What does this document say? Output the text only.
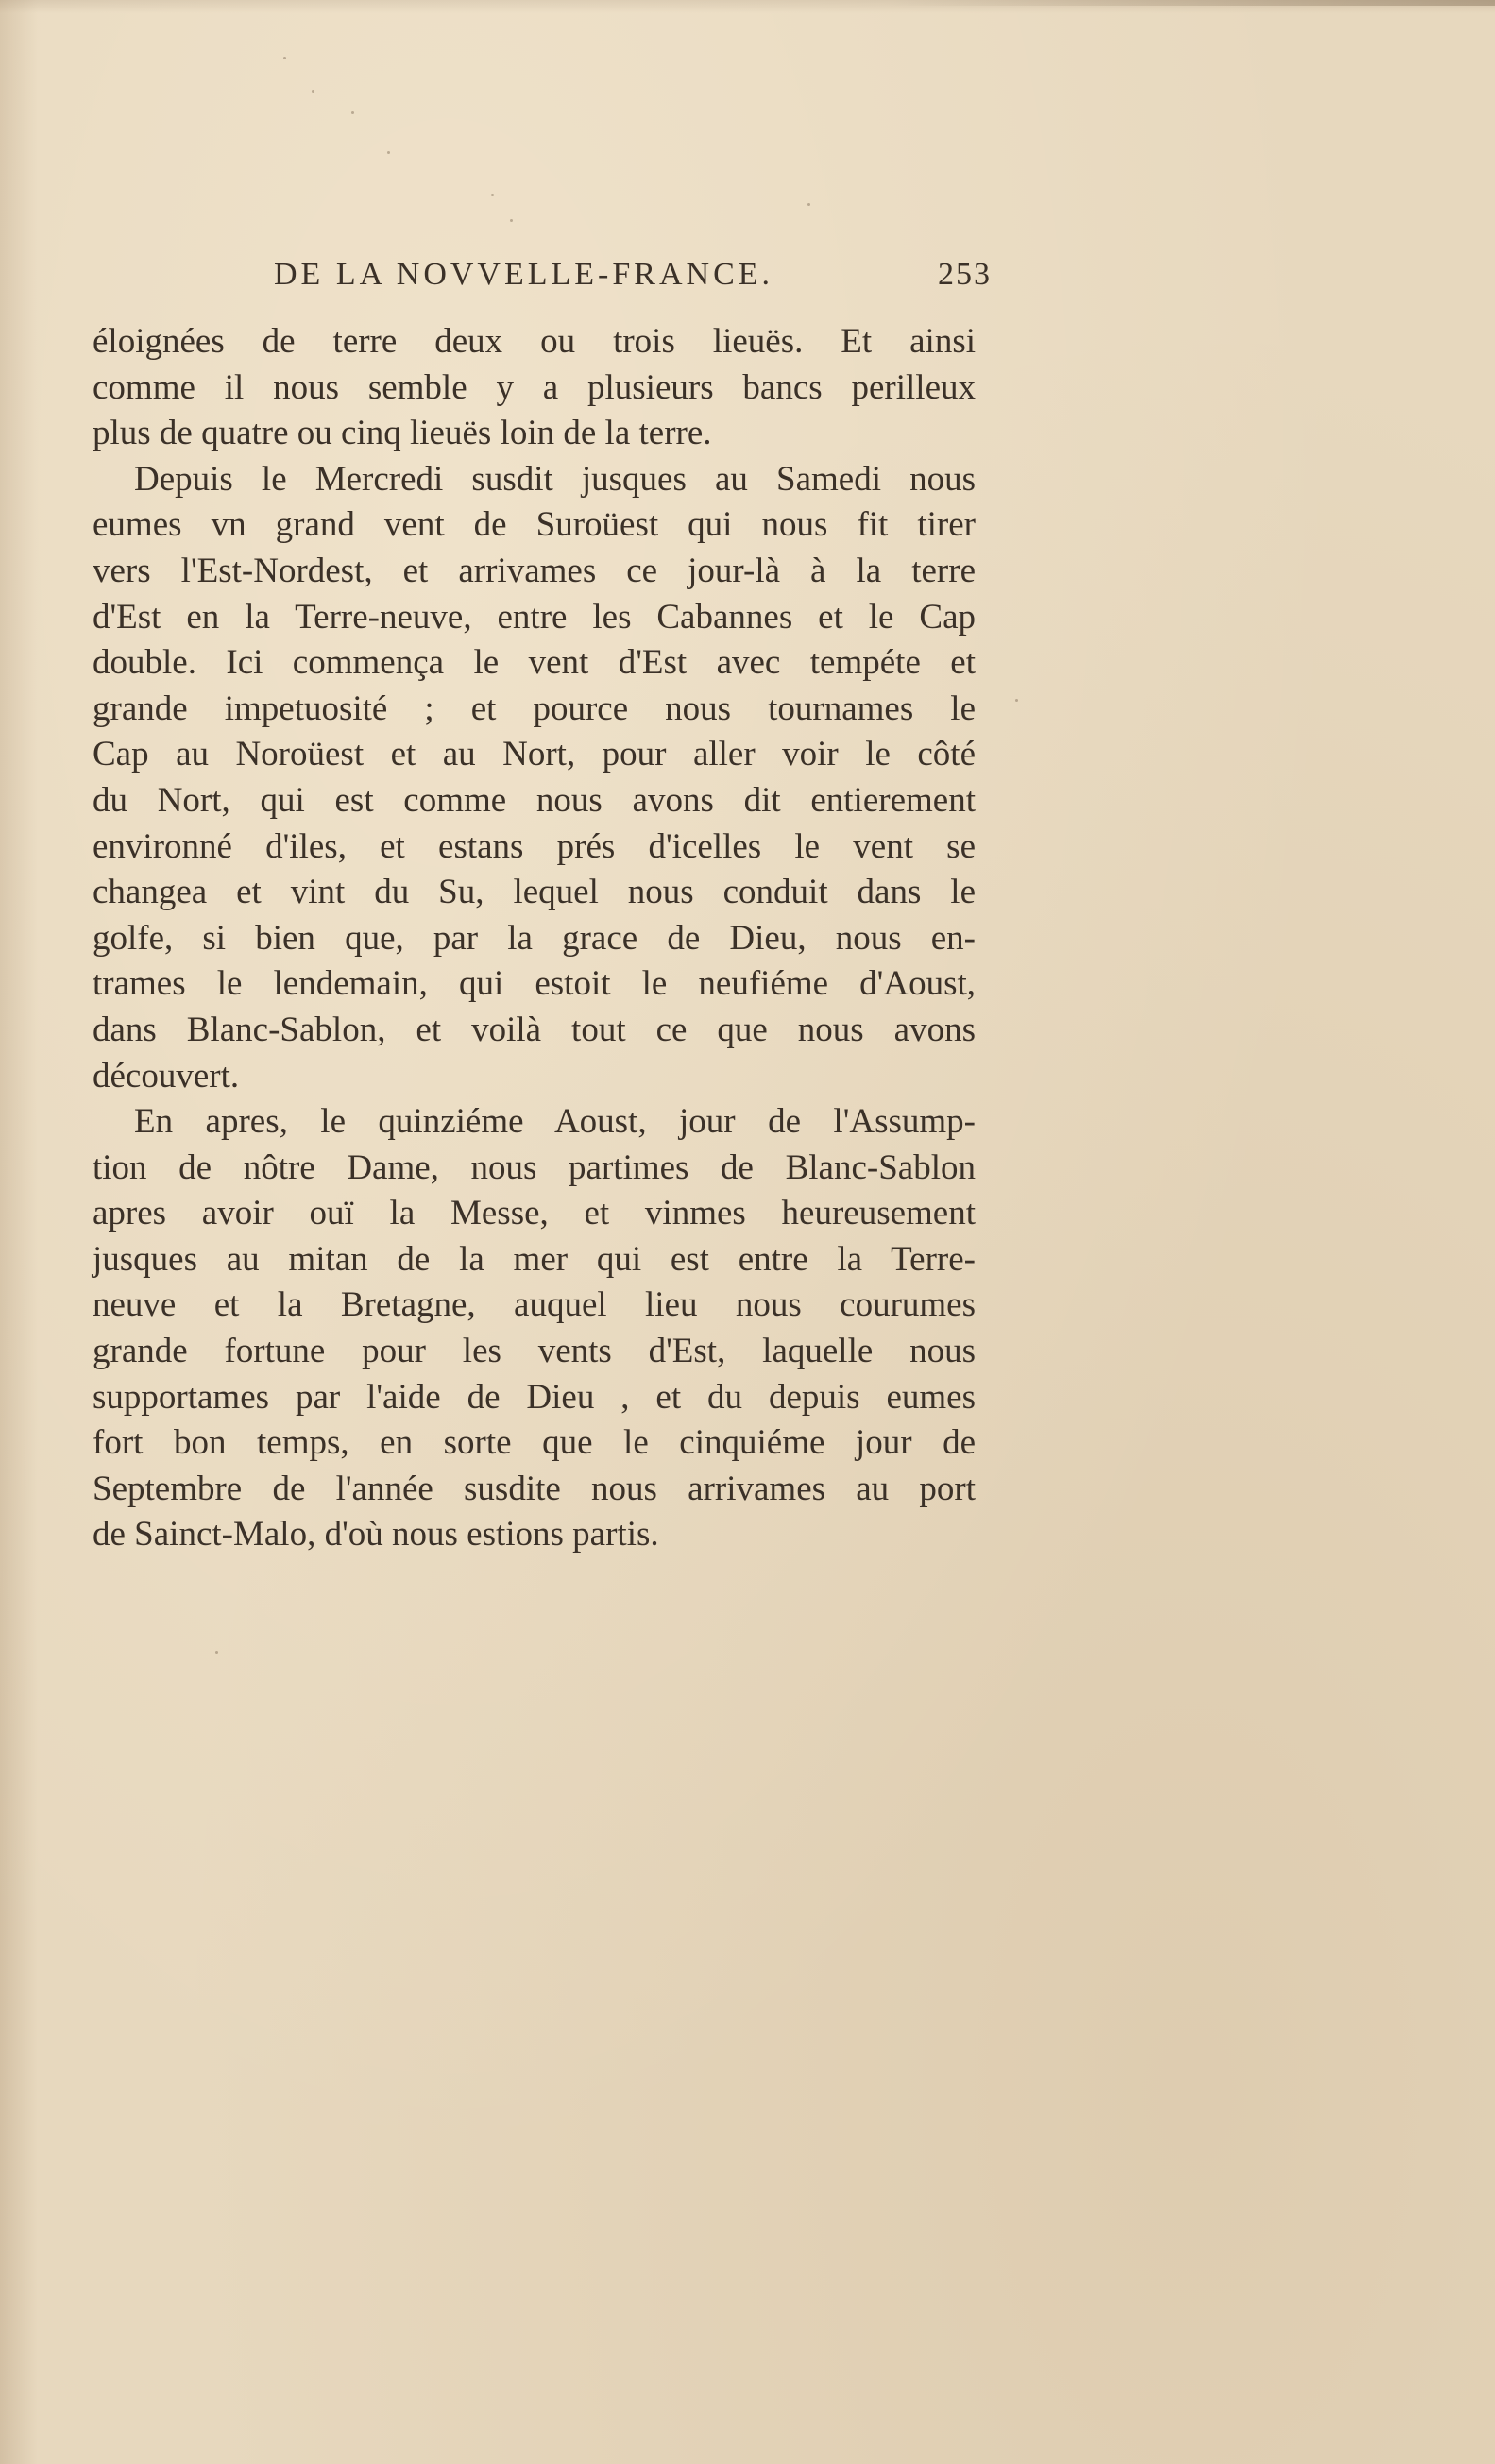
DE LA NOVVELLE-FRANCE.	253
éloignées de terre deux ou trois lieuës. Et ainsi
comme il nous semble y a plusieurs bancs perilleux
plus de quatre ou cinq lieuës loin de la terre.
Depuis le Mercredi susdit jusques au Samedi nous
eumes vn grand vent de Suroüest qui nous fit tirer
vers l'Est-Nordest, et arrivames ce jour-là à la terre
d'Est en la Terre-neuve, entre les Cabannes et le Cap
double. Ici commença le vent d'Est avec tempéte et
grande impetuosité ; et pource nous tournames le
Cap au Noroüest et au Nort, pour aller voir le côté
du Nort, qui est comme nous avons dit entierement
environné d'iles, et estans prés d'icelles le vent se
changea et vint du Su, lequel nous conduit dans le
golfe, si bien que, par la grace de Dieu, nous en-
trames le lendemain, qui estoit le neufiéme d'Aoust,
dans Blanc-Sablon, et voilà tout ce que nous avons
découvert.
En apres, le quinziéme Aoust, jour de l'Assump-
tion de nôtre Dame, nous partimes de Blanc-Sablon
apres avoir ouï la Messe, et vinmes heureusement
jusques au mitan de la mer qui est entre la Terre-
neuve et la Bretagne, auquel lieu nous courumes
grande fortune pour les vents d'Est, laquelle nous
supportames par l'aide de Dieu , et du depuis eumes
fort bon temps, en sorte que le cinquiéme jour de
Septembre de l'année susdite nous arrivames au port
de Sainct-Malo, d'où nous estions partis.
